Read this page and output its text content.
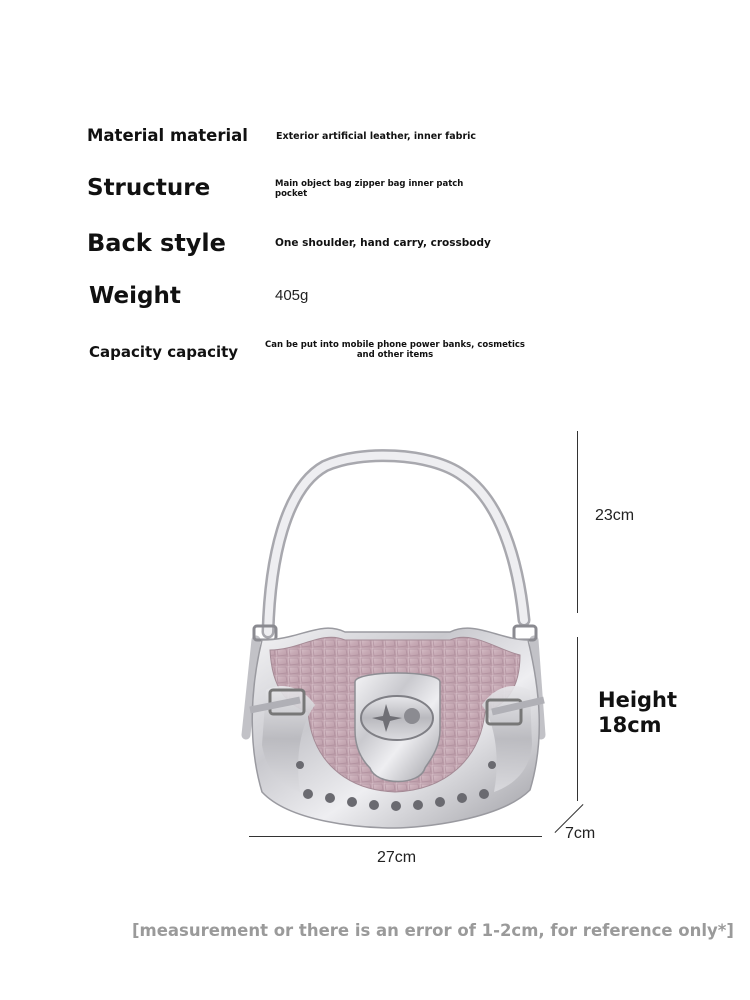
Material material	Exterior artificial leather, inner fabric
Structure	Main object bag zipper bag inner patch pocket
Back style	One shoulder, hand carry, crossbody
Weight	405g
Capacity capacity	Can be put into mobile phone power banks, cosmetics and other items
23cm
Height
18cm
7cm
27cm
[measurement or there is an error of 1-2cm, for reference only*]
